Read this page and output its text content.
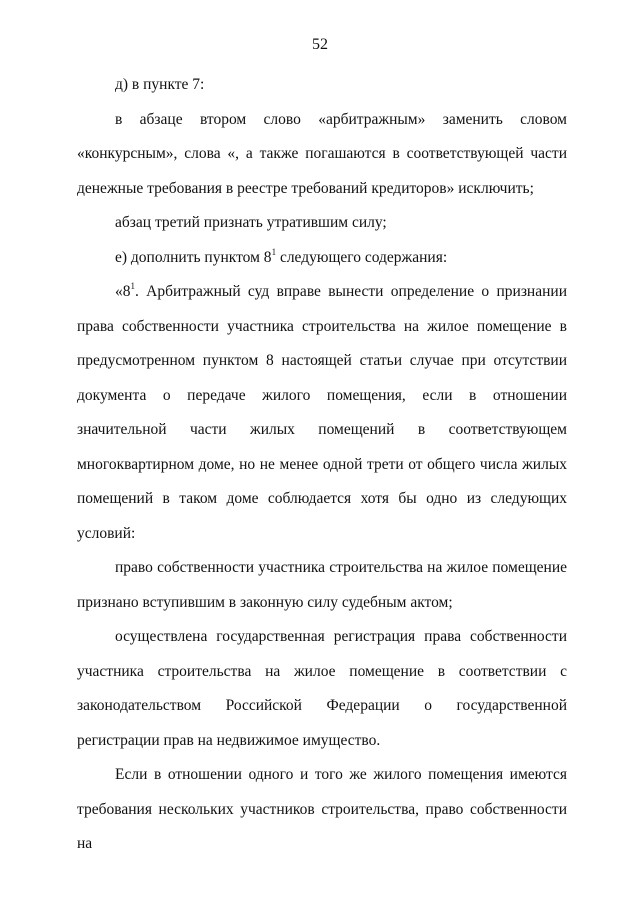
52

д) в пункте 7:

в абзаце втором слово «арбитражным» заменить словом «конкурсным», слова «, а также погашаются в соответствующей части денежные требования в реестре требований кредиторов» исключить;

абзац третий признать утратившим силу;

е) дополнить пунктом $8^1$ следующего содержания:

«$8^1$. Арбитражный суд вправе вынести определение о признании права собственности участника строительства на жилое помещение в предусмотренном пунктом 8 настоящей статьи случае при отсутствии документа о передаче жилого помещения, если в отношении значительной части жилых помещений в соответствующем многоквартирном доме, но не менее одной трети от общего числа жилых помещений в таком доме соблюдается хотя бы одно из следующих условий:

право собственности участника строительства на жилое помещение признано вступившим в законную силу судебным актом;

осуществлена государственная регистрация права собственности участника строительства на жилое помещение в соответствии с законодательством Российской Федерации о государственной регистрации прав на недвижимое имущество.

Если в отношении одного и того же жилого помещения имеются требования нескольких участников строительства, право собственности на
